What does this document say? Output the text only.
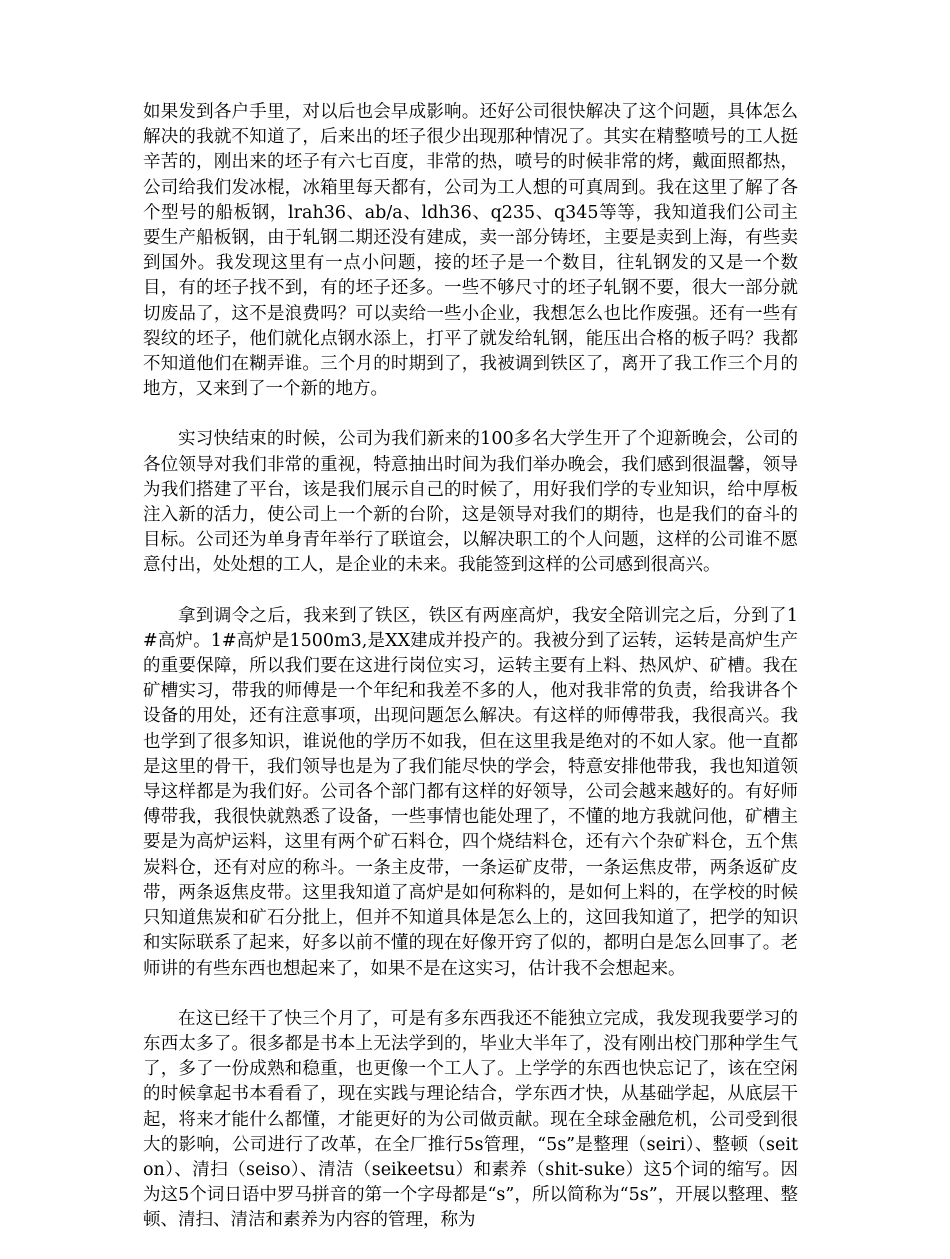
如果发到各户手里，对以后也会早成影响。还好公司很快解决了这个问题，具体怎么解决的我就不知道了，后来出的坯子很少出现那种情况了。其实在精整喷号的工人挺辛苦的，刚出来的坯子有六七百度，非常的热，喷号的时候非常的烤，戴面照都热，公司给我们发冰棍，冰箱里每天都有，公司为工人想的可真周到。我在这里了解了各个型号的船板钢，lrah36、ab/a、ldh36、q235、q345等等，我知道我们公司主要生产船板钢，由于轧钢二期还没有建成，卖一部分铸坯，主要是卖到上海，有些卖到国外。我发现这里有一点小问题，接的坯子是一个数目，往轧钢发的又是一个数目，有的坯子找不到，有的坯子还多。一些不够尺寸的坯子轧钢不要，很大一部分就切废品了，这不是浪费吗？可以卖给一些小企业，我想怎么也比作废强。还有一些有裂纹的坯子，他们就化点钢水添上，打平了就发给轧钢，能压出合格的板子吗？我都不知道他们在糊弄谁。三个月的时期到了，我被调到铁区了，离开了我工作三个月的地方，又来到了一个新的地方。

实习快结束的时候，公司为我们新来的100多名大学生开了个迎新晚会，公司的各位领导对我们非常的重视，特意抽出时间为我们举办晚会，我们感到很温馨，领导为我们搭建了平台，该是我们展示自己的时候了，用好我们学的专业知识，给中厚板注入新的活力，使公司上一个新的台阶，这是领导对我们的期待，也是我们的奋斗的目标。公司还为单身青年举行了联谊会，以解决职工的个人问题，这样的公司谁不愿意付出，处处想的工人，是企业的未来。我能签到这样的公司感到很高兴。

拿到调令之后，我来到了铁区，铁区有两座高炉，我安全陪训完之后，分到了1#高炉。1#高炉是1500m3,是XX建成并投产的。我被分到了运转，运转是高炉生产的重要保障，所以我们要在这进行岗位实习，运转主要有上料、热风炉、矿槽。我在矿槽实习，带我的师傅是一个年纪和我差不多的人，他对我非常的负责，给我讲各个设备的用处，还有注意事项，出现问题怎么解决。有这样的师傅带我，我很高兴。我也学到了很多知识，谁说他的学历不如我，但在这里我是绝对的不如人家。他一直都是这里的骨干，我们领导也是为了我们能尽快的学会，特意安排他带我，我也知道领导这样都是为我们好。公司各个部门都有这样的好领导，公司会越来越好的。有好师傅带我，我很快就熟悉了设备，一些事情也能处理了，不懂的地方我就问他，矿槽主要是为高炉运料，这里有两个矿石料仓，四个烧结料仓，还有六个杂矿料仓，五个焦炭料仓，还有对应的称斗。一条主皮带，一条运矿皮带，一条运焦皮带，两条返矿皮带，两条返焦皮带。这里我知道了高炉是如何称料的，是如何上料的，在学校的时候只知道焦炭和矿石分批上，但并不知道具体是怎么上的，这回我知道了，把学的知识和实际联系了起来，好多以前不懂的现在好像开窍了似的，都明白是怎么回事了。老师讲的有些东西也想起来了，如果不是在这实习，估计我不会想起来。

在这已经干了快三个月了，可是有多东西我还不能独立完成，我发现我要学习的东西太多了。很多都是书本上无法学到的，毕业大半年了，没有刚出校门那种学生气了，多了一份成熟和稳重，也更像一个工人了。上学学的东西也快忘记了，该在空闲的时候拿起书本看看了，现在实践与理论结合，学东西才快，从基础学起，从底层干起，将来才能什么都懂，才能更好的为公司做贡献。现在全球金融危机，公司受到很大的影响，公司进行了改革，在全厂推行5s管理，“5s”是整理（seiri）、整顿（seiton）、清扫（seiso）、清洁（seikeetsu）和素养（shit-suke）这5个词的缩写。因为这5个词日语中罗马拼音的第一个字母都是“s”，所以简称为“5s”，开展以整理、整顿、清扫、清洁和素养为内容的管理，称为
